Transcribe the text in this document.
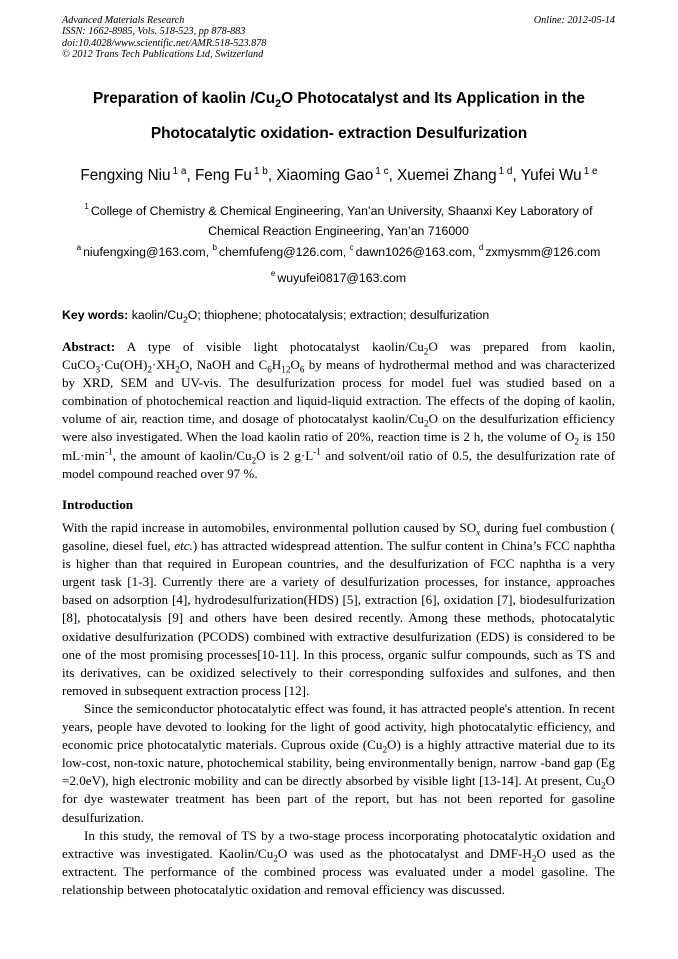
Advanced Materials Research
ISSN: 1662-8985, Vols. 518-523, pp 878-883
doi:10.4028/www.scientific.net/AMR.518-523.878
© 2012 Trans Tech Publications Ltd, Switzerland
Online: 2012-05-14
Preparation of kaolin $/Cu_2O$ Photocatalyst and Its Application in the
Photocatalytic oxidation- extraction Desulfurization
Fengxing Niu $^{1 a}$, Feng Fu $^{1 b}$, Xiaoming Gao $^{1 c}$, Xuemei Zhang $^{1 d}$, Yufei Wu $^{1 e}$
$^1$ College of Chemistry & Chemical Engineering, Yan’an University, Shaanxi Key Laboratory of
Chemical Reaction Engineering, Yan’an 716000
$^a$ niufengxing@163.com, $^b$ chemfufeng@126.com, $^c$ dawn1026@163.com, $^d$ zxmysmm@126.com
$^e$ wuyufei0817@163.com
Key words: kaolin/$Cu_2O$; thiophene; photocatalysis; extraction; desulfurization
Abstract: A type of visible light photocatalyst kaolin/$Cu_2O$ was prepared from kaolin, $CuCO_3\cdot Cu(OH)_2\cdot XH_2O$, NaOH and $C_6H_{12}O_6$ by means of hydrothermal method and was characterized by XRD, SEM and UV-vis. The desulfurization process for model fuel was studied based on a combination of photochemical reaction and liquid-liquid extraction. The effects of the doping of kaolin, volume of air, reaction time, and dosage of photocatalyst kaolin/$Cu_2O$ on the desulfurization efficiency were also investigated. When the load kaolin ratio of 20%, reaction time is 2 h, the volume of $O_2$ is 150 $mL\cdot\min^{-1}$, the amount of kaolin/$Cu_2O$ is 2 $g\cdot L^{-1}$ and solvent/oil ratio of 0.5, the desulfurization rate of model compound reached over 97 %.
Introduction

With the rapid increase in automobiles, environmental pollution caused by $SO_x$ during fuel combustion ( gasoline, diesel fuel, etc.) has attracted widespread attention. The sulfur content in China’s FCC naphtha is higher than that required in European countries, and the desulfurization of FCC naphtha is a very urgent task [1-3]. Currently there are a variety of desulfurization processes, for instance, approaches based on adsorption [4], hydrodesulfurization(HDS) [5], extraction [6], oxidation [7], biodesulfurization [8], photocatalysis [9] and others have been desired recently. Among these methods, photocatalytic oxidative desulfurization (PCODS) combined with extractive desulfurization (EDS) is considered to be one of the most promising processes[10-11]. In this process, organic sulfur compounds, such as TS and its derivatives, can be oxidized selectively to their corresponding sulfoxides and sulfones, and then removed in subsequent extraction process [12].

Since the semiconductor photocatalytic effect was found, it has attracted people's attention. In recent years, people have devoted to looking for the light of good activity, high photocatalytic efficiency, and economic price photocatalytic materials. Cuprous oxide $(Cu_2O)$ is a highly attractive material due to its low-cost, non-toxic nature, photochemical stability, being environmentally benign, narrow -band gap (Eg =2.0eV), high electronic mobility and can be directly absorbed by visible light [13-14]. At present, $Cu_2O$ for dye wastewater treatment has been part of the report, but has not been reported for gasoline desulfurization.

In this study, the removal of TS by a two-stage process incorporating photocatalytic oxidation and extractive was investigated. Kaolin/$Cu_2O$ was used as the photocatalyst and DMF-$H_2O$ used as the extractent. The performance of the combined process was evaluated under a model gasoline. The relationship between photocatalytic oxidation and removal efficiency was discussed.
